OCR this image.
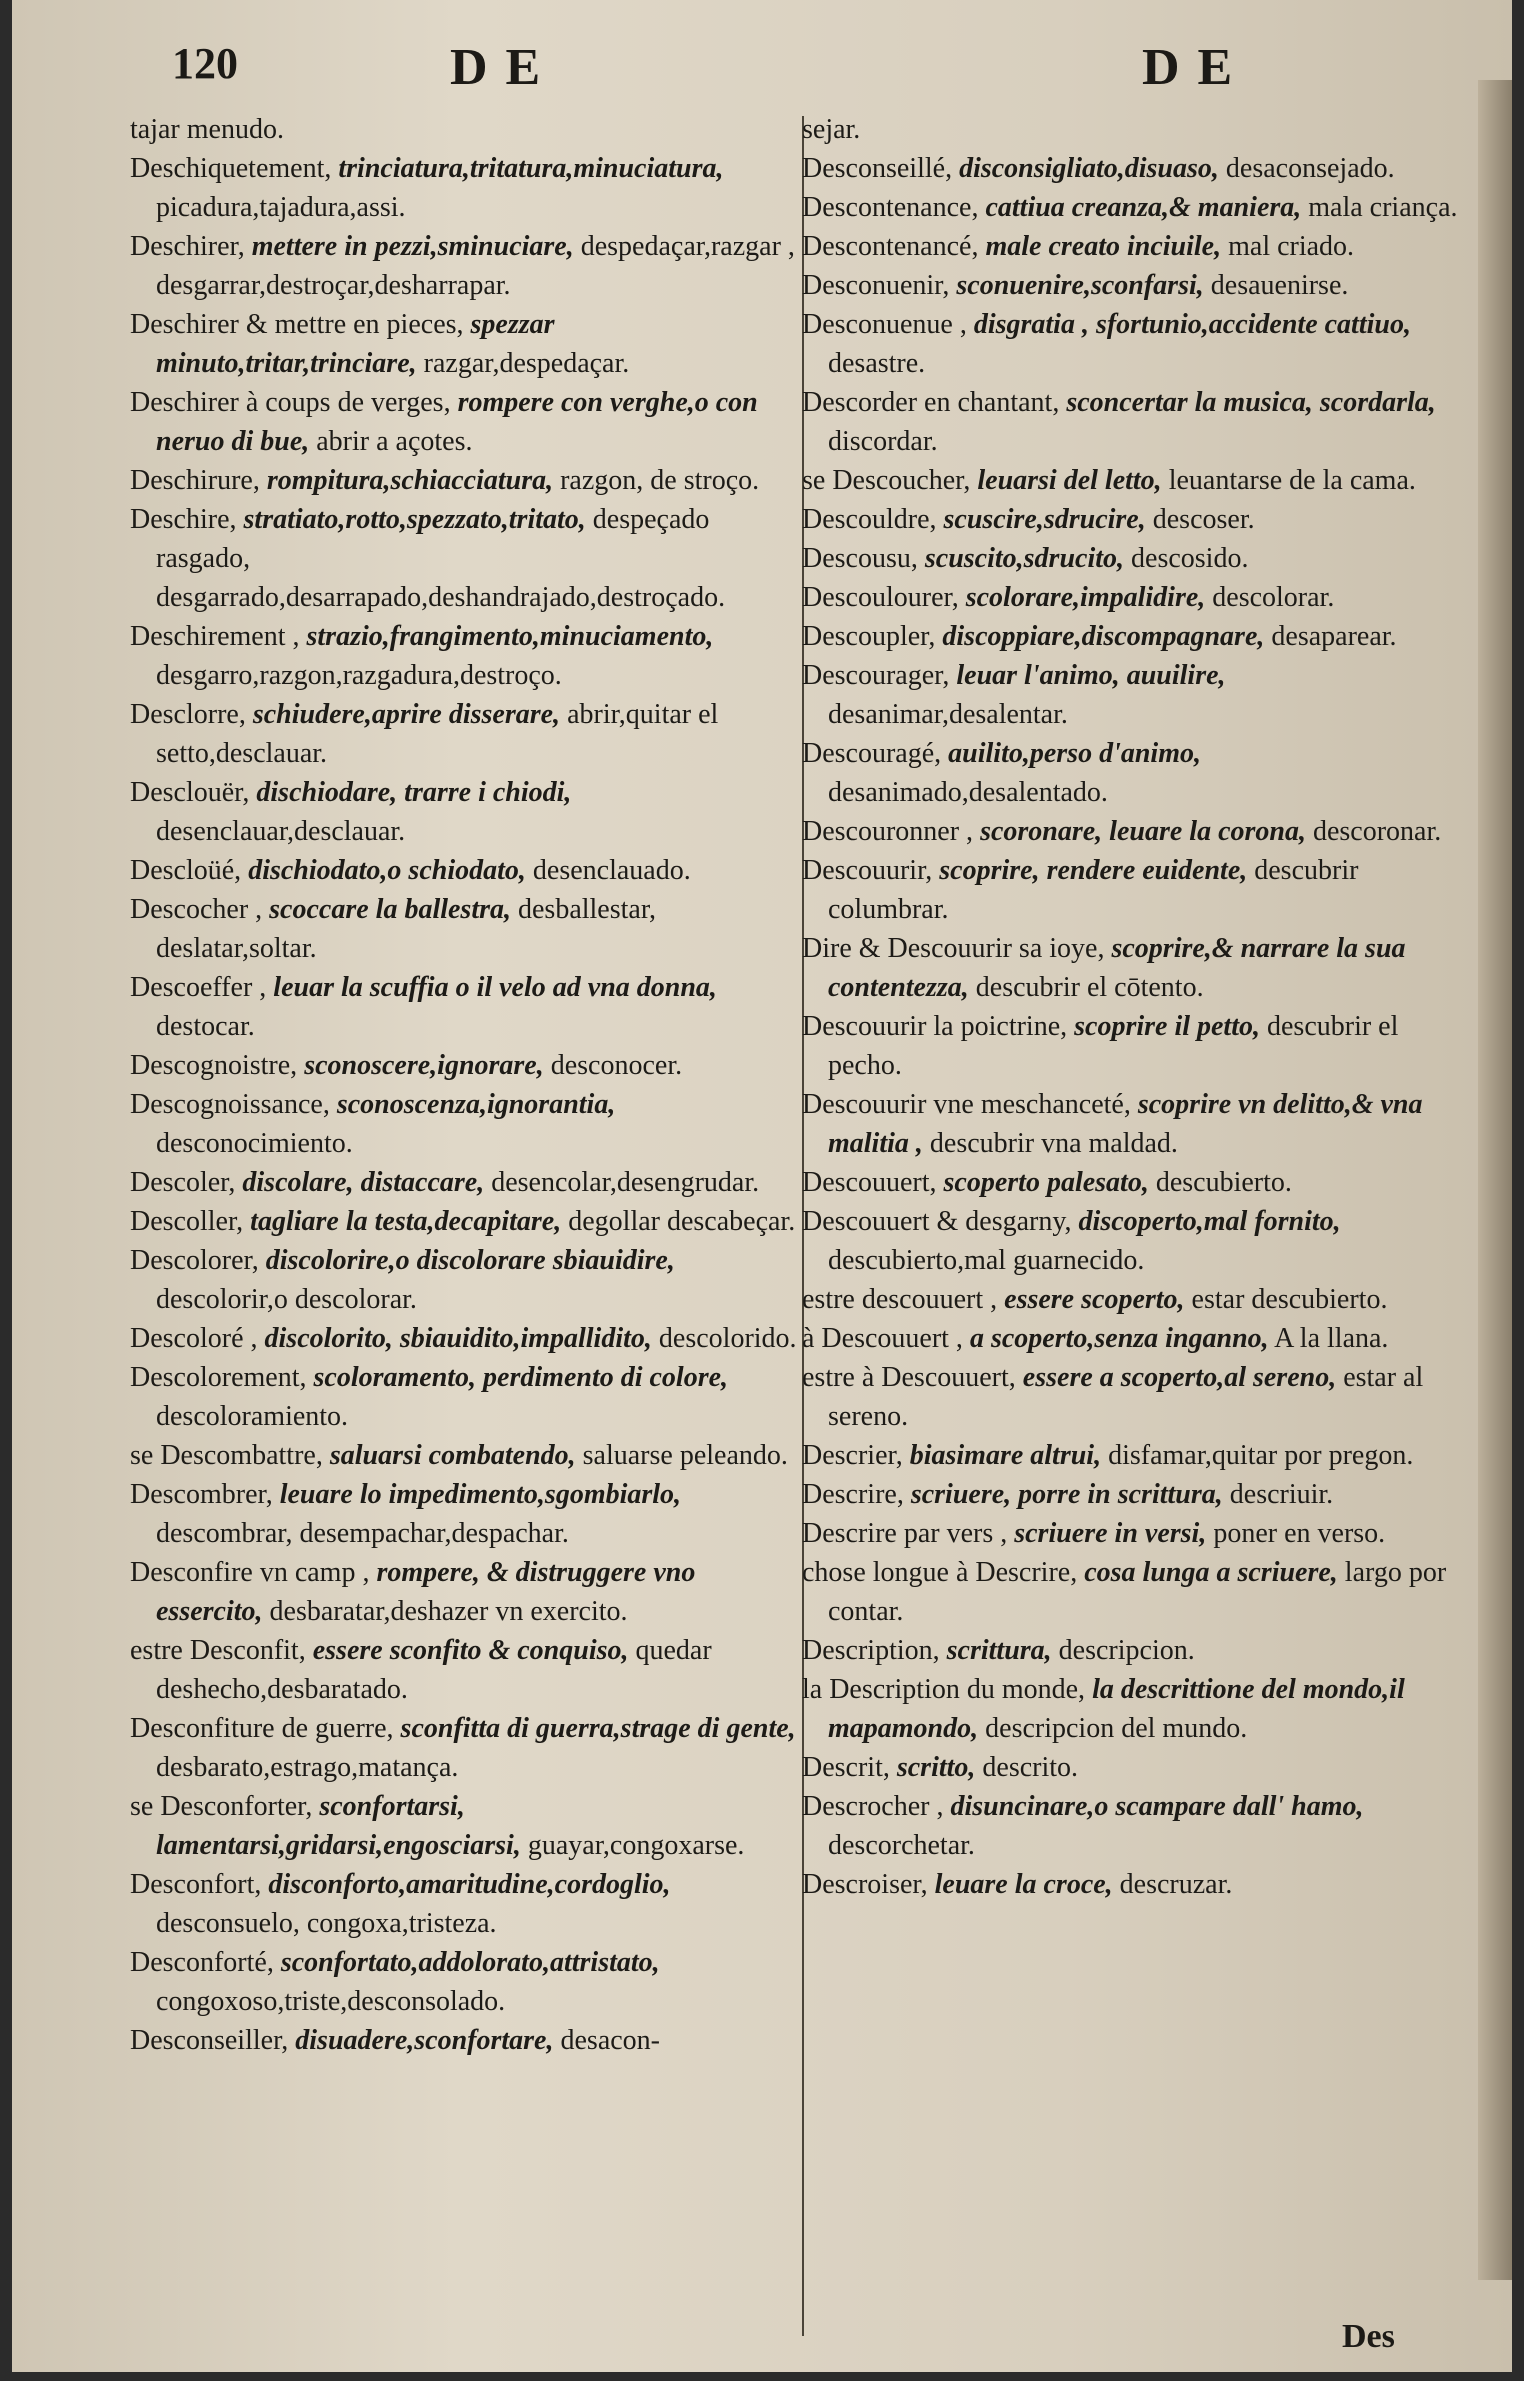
120	DE	DE

tajar menudo.

Deschiquetement, trinciatura,tritatura,minuciatura, picadura,tajadura,assi.

Deschirer, mettere in pezzi,sminuciare, despedaçar,razgar , desgarrar,destroçar,desharrapar.

Deschirer & mettre en pieces, spezzar minuto,tritar,trinciare, razgar,despedaçar.

Deschirer à coups de verges, rompere con verghe,o con neruo di bue, abrir a açotes.

Deschirure, rompitura,schiacciatura, razgon, de stroço.

Deschire, stratiato,rotto,spezzato,tritato, despeçado rasgado, desgarrado,desarrapado,deshandrajado,destroçado.

Deschirement , strazio,frangimento,minuciamento, desgarro,razgon,razgadura,destroço.

Desclorre, schiudere,aprire disserare, abrir,quitar el setto,desclauar.

Desclouër, dischiodare, trarre i chiodi, desenclauar,desclauar.

Descloüé, dischiodato,o schiodato, desenclauado.

Descocher , scoccare la ballestra, desballestar, deslatar,soltar.

Descoeffer , leuar la scuffia o il velo ad vna donna, destocar.

Descognoistre, sconoscere,ignorare, desconocer.

Descognoissance, sconoscenza,ignorantia, desconocimiento.

Descoler, discolare, distaccare, desencolar,desengrudar.

Descoller, tagliare la testa,decapitare, degollar descabeçar.

Descolorer, discolorire,o discolorare sbiauidire, descolorir,o descolorar.

Descoloré , discolorito, sbiauidito,impallidito, descolorido.

Descolorement, scoloramento, perdimento di colore, descoloramiento.

se Descombattre, saluarsi combatendo, saluarse peleando.

Descombrer, leuare lo impedimento,sgombiarlo, descombrar, desempachar,despachar.

Desconfire vn camp , rompere, & distruggere vno essercito, desbaratar,deshazer vn exercito.

estre Desconfit, essere sconfito & conquiso, quedar deshecho,desbaratado.

Desconfiture de guerre, sconfitta di guerra,strage di gente, desbarato,estrago,matança.

se Desconforter, sconfortarsi, lamentarsi,gridarsi,engosciarsi, guayar,congoxarse.

Desconfort, disconforto,amaritudine,cordoglio, desconsuelo, congoxa,tristeza.

Desconforté, sconfortato,addolorato,attristato, congoxoso,triste,desconsolado.

Desconseiller, disuadere,sconfortare, desacon-

sejar.

Desconseillé, disconsigliato,disuaso, desaconsejado.

Descontenance, cattiua creanza,& maniera, mala criança.

Descontenancé, male creato inciuile, mal criado.

Desconuenir, sconuenire,sconfarsi, desauenirse.

Desconuenue , disgratia , sfortunio,accidente cattiuo, desastre.

Descorder en chantant, sconcertar la musica, scordarla, discordar.

se Descoucher, leuarsi del letto, leuantarse de la cama.

Descouldre, scuscire,sdrucire, descoser.

Descousu, scuscito,sdrucito, descosido.

Descoulourer, scolorare,impalidire, descolorar.

Descoupler, discoppiare,discompagnare, desaparear.

Descourager, leuar l'animo, auuilire, desanimar,desalentar.

Descouragé, auilito,perso d'animo, desanimado,desalentado.

Descouronner , scoronare, leuare la corona, descoronar.

Descouurir, scoprire, rendere euidente, descubrir columbrar.

Dire & Descouurir sa ioye, scoprire,& narrare la sua contentezza, descubrir el cōtento.

Descouurir la poictrine, scoprire il petto, descubrir el pecho.

Descouurir vne meschanceté, scoprire vn delitto,& vna malitia , descubrir vna maldad.

Descouuert, scoperto palesato, descubierto.

Descouuert & desgarny, discoperto,mal fornito, descubierto,mal guarnecido.

estre descouuert , essere scoperto, estar descubierto.

à Descouuert , a scoperto,senza inganno, A la llana.

estre à Descouuert, essere a scoperto,al sereno, estar al sereno.

Descrier, biasimare altrui, disfamar,quitar por pregon.

Descrire, scriuere, porre in scrittura, descriuir.

Descrire par vers , scriuere in versi, poner en verso.

chose longue à Descrire, cosa lunga a scriuere, largo por contar.

Description, scrittura, descripcion.

la Description du monde, la descrittione del mondo,il mapamondo, descripcion del mundo.

Descrit, scritto, descrito.

Descrocher , disuncinare,o scampare dall' hamo, descorchetar.

Descroiser, leuare la croce, descruzar.

Des
